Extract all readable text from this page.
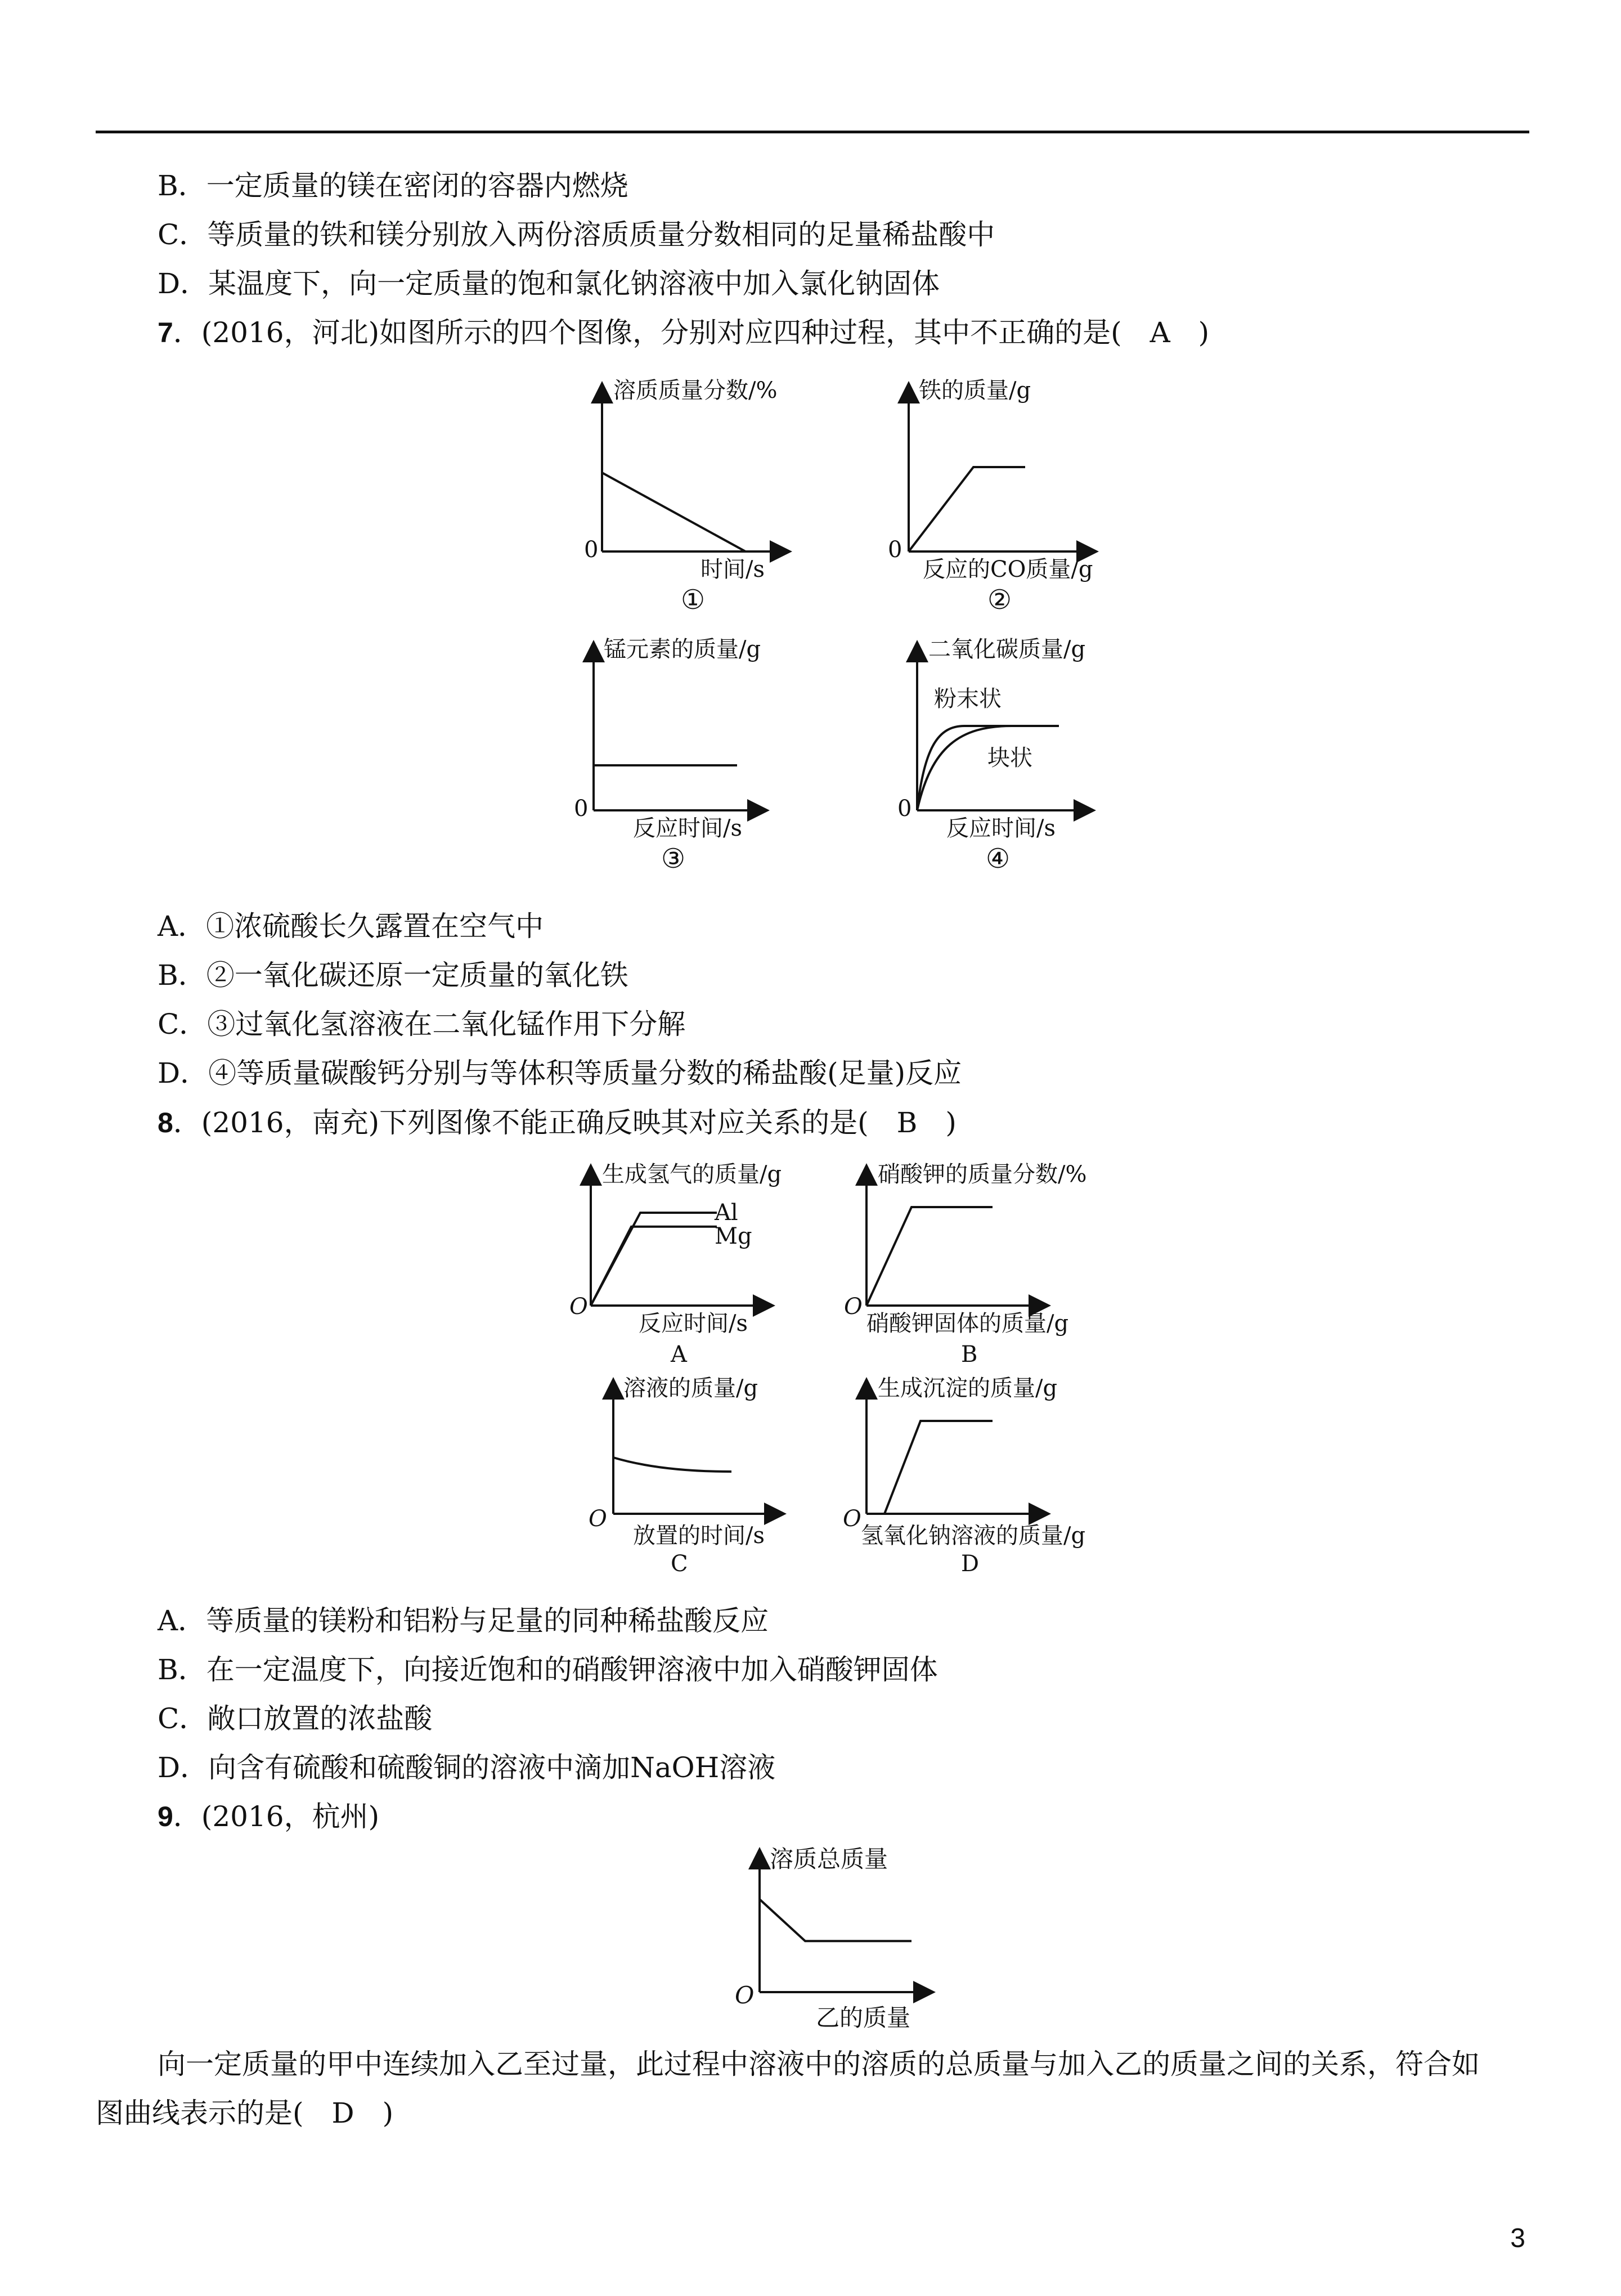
B．一定质量的镁在密闭的容器内燃烧
C．等质量的铁和镁分别放入两份溶质质量分数相同的足量稀盐酸中
D．某温度下，向一定质量的饱和氯化钠溶液中加入氯化钠固体
7．(2016，河北)如图所示的四个图像，分别对应四种过程，其中不正确的是(　A　)
溶质质量分数/%
0
时间/s
①
铁的质量/g
0
反应的CO质量/g
②
锰元素的质量/g
0
反应时间/s
③
二氧化碳质量/g
0
反应时间/s
④
粉末状
块状
A．①浓硫酸长久露置在空气中
B．②一氧化碳还原一定质量的氧化铁
C．③过氧化氢溶液在二氧化锰作用下分解
D．④等质量碳酸钙分别与等体积等质量分数的稀盐酸(足量)反应
8．(2016，南充)下列图像不能正确反映其对应关系的是(　B　)
生成氢气的质量/g
O
反应时间/s
A
Al
Mg
硝酸钾的质量分数/%
O
硝酸钾固体的质量/g
B
溶液的质量/g
O
放置的时间/s
C
生成沉淀的质量/g
O
氢氧化钠溶液的质量/g
D
A．等质量的镁粉和铝粉与足量的同种稀盐酸反应
B．在一定温度下，向接近饱和的硝酸钾溶液中加入硝酸钾固体
C．敞口放置的浓盐酸
D．向含有硫酸和硫酸铜的溶液中滴加NaOH溶液
9．(2016，杭州)
溶质总质量
O
乙的质量
向一定质量的甲中连续加入乙至过量，此过程中溶液中的溶质的总质量与加入乙的质量之间的关系，符合如
图曲线表示的是(　D　)
3
